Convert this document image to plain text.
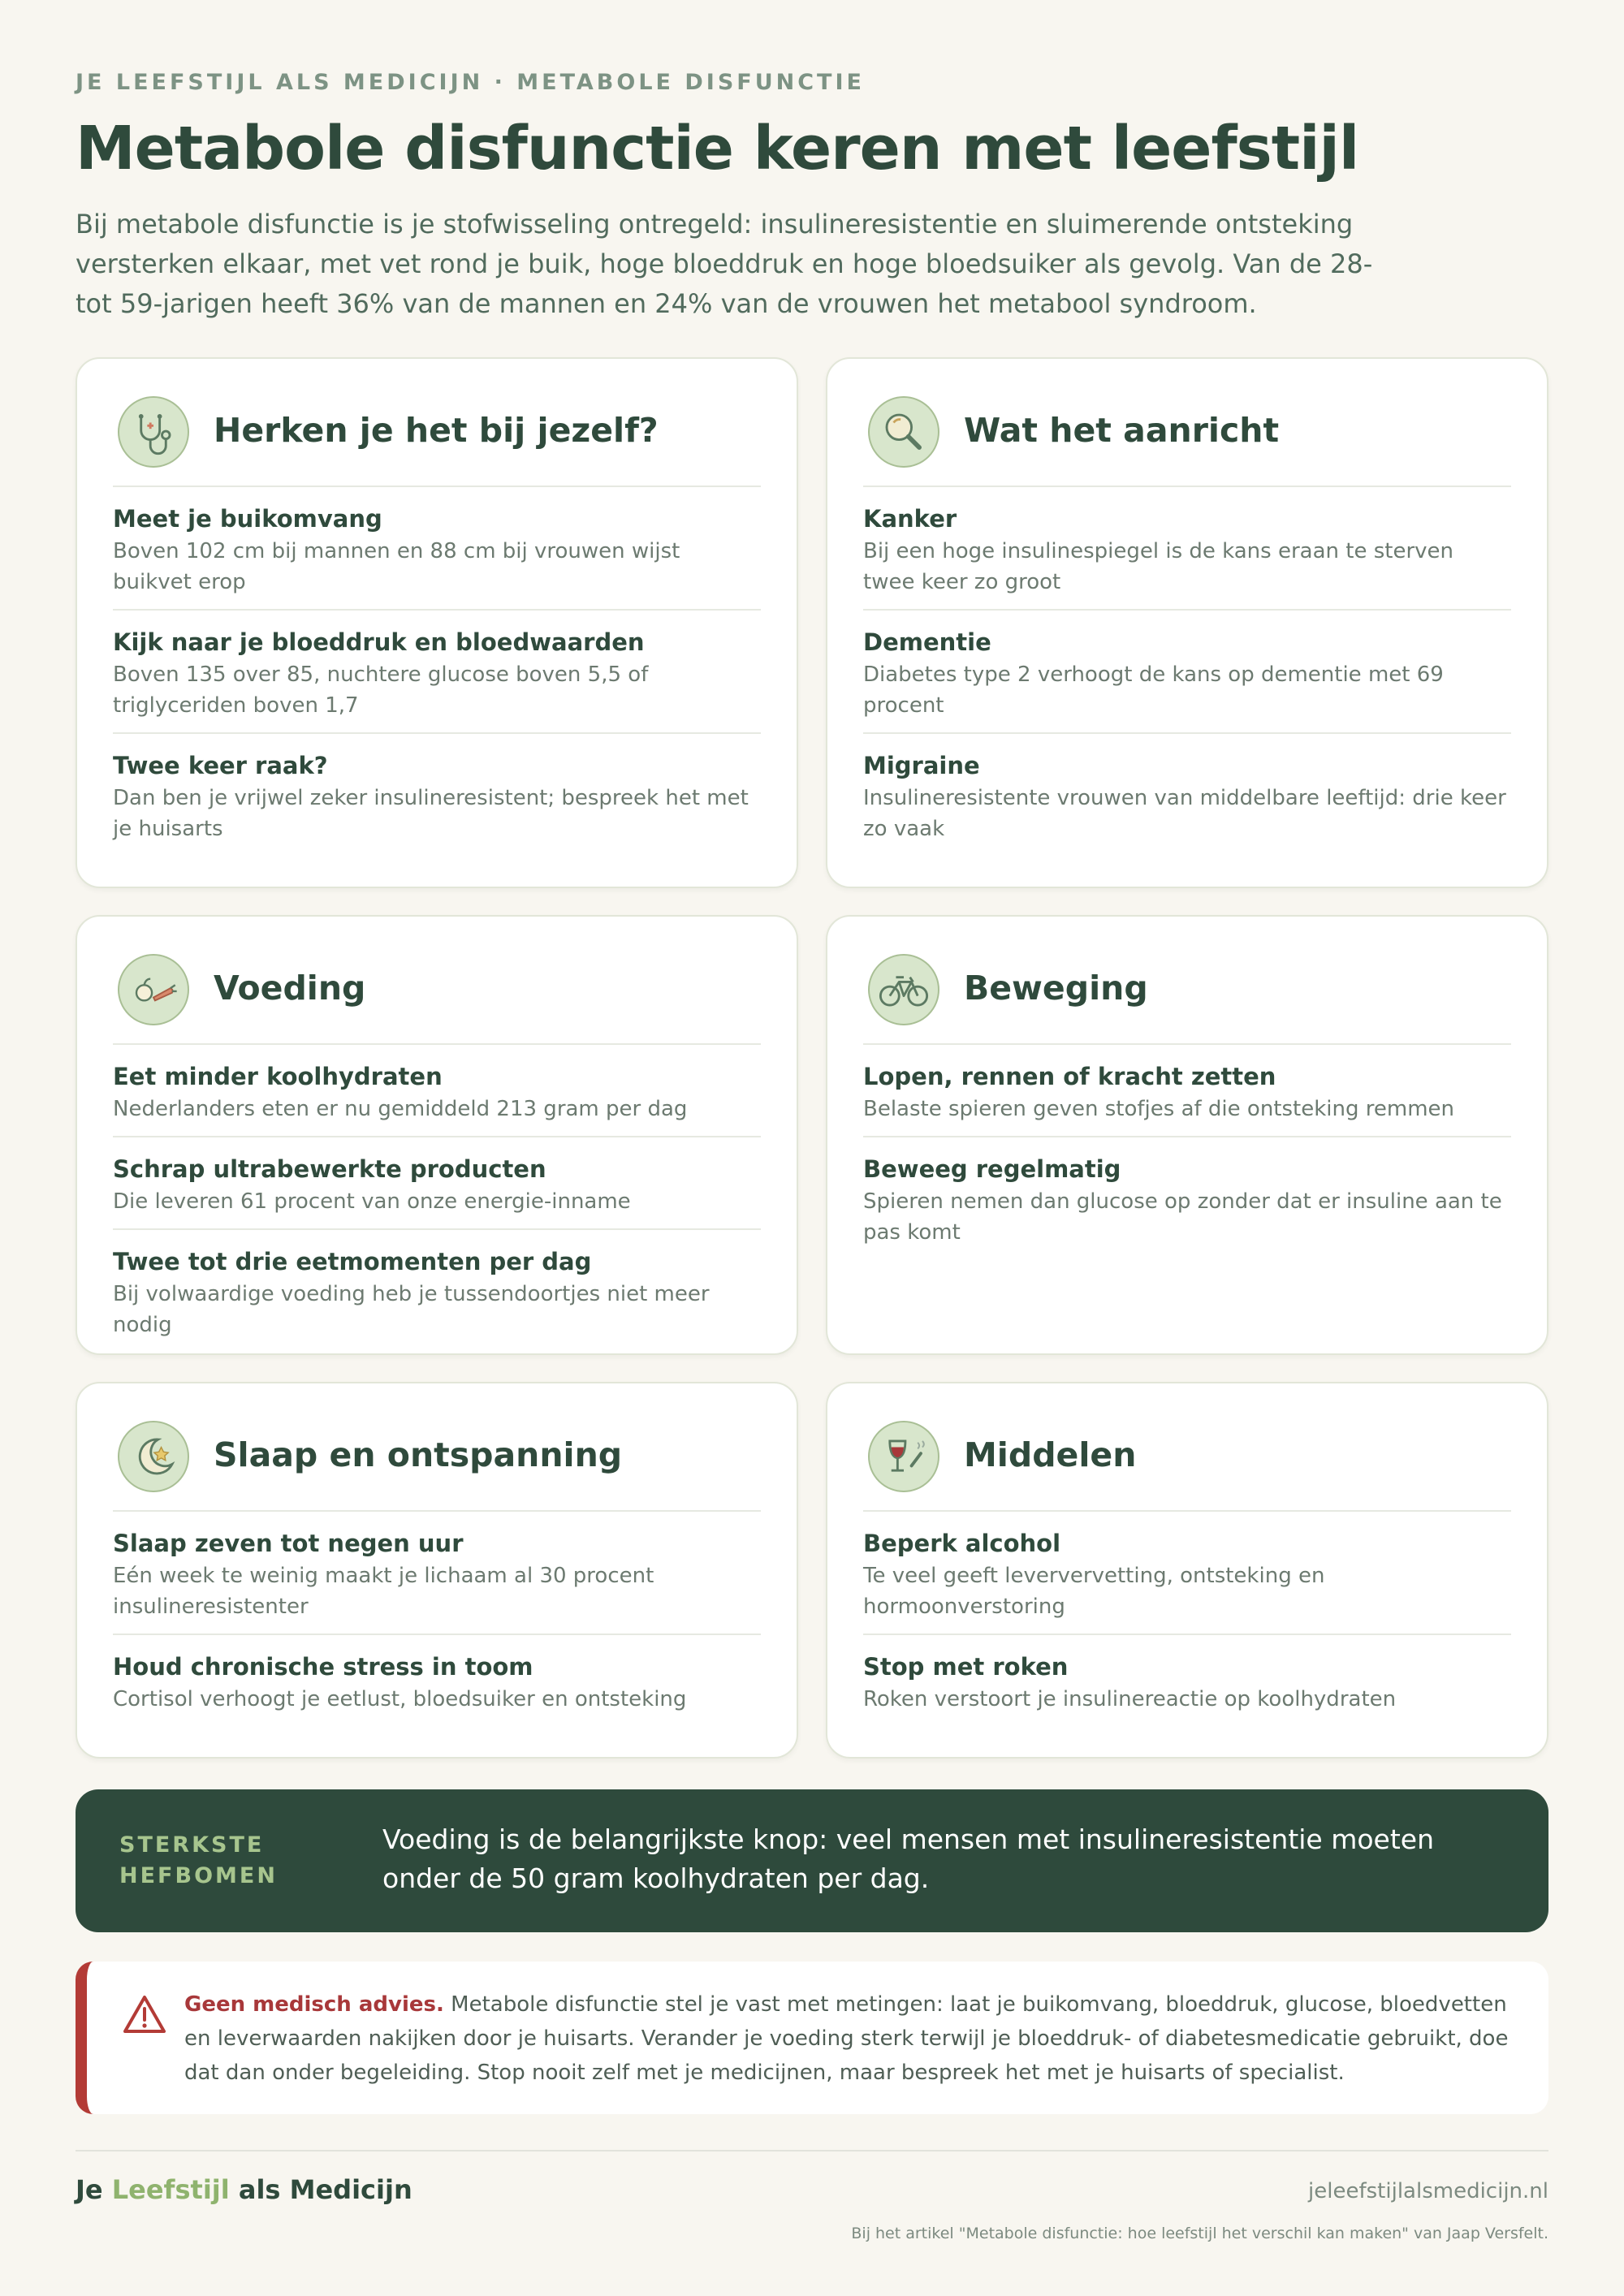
JE LEEFSTIJL ALS MEDICIJN · METABOLE DISFUNCTIE
Metabole disfunctie keren met leefstijl

Bij metabole disfunctie is je stofwisseling ontregeld: insulineresistentie en sluimerende ontsteking versterken elkaar, met vet rond je buik, hoge bloeddruk en hoge bloedsuiker als gevolg. Van de 28- tot 59-jarigen heeft 36% van de mannen en 24% van de vrouwen het metabool syndroom.

Herken je het bij jezelf?
Meet je buikomvang
Boven 102 cm bij mannen en 88 cm bij vrouwen wijst buikvet erop
Kijk naar je bloeddruk en bloedwaarden
Boven 135 over 85, nuchtere glucose boven 5,5 of triglyceriden boven 1,7
Twee keer raak?
Dan ben je vrijwel zeker insulineresistent; bespreek het met je huisarts
Wat het aanricht
Kanker
Bij een hoge insulinespiegel is de kans eraan te sterven twee keer zo groot
Dementie
Diabetes type 2 verhoogt de kans op dementie met 69 procent
Migraine
Insulineresistente vrouwen van middelbare leeftijd: drie keer zo vaak
Voeding
Eet minder koolhydraten
Nederlanders eten er nu gemiddeld 213 gram per dag
Schrap ultrabewerkte producten
Die leveren 61 procent van onze energie-inname
Twee tot drie eetmomenten per dag
Bij volwaardige voeding heb je tussendoortjes niet meer nodig
Beweging
Lopen, rennen of kracht zetten
Belaste spieren geven stofjes af die ontsteking remmen
Beweeg regelmatig
Spieren nemen dan glucose op zonder dat er insuline aan te pas komt
Slaap en ontspanning
Slaap zeven tot negen uur
Eén week te weinig maakt je lichaam al 30 procent insulineresistenter
Houd chronische stress in toom
Cortisol verhoogt je eetlust, bloedsuiker en ontsteking
Middelen
Beperk alcohol
Te veel geeft leververvetting, ontsteking en hormoonverstoring
Stop met roken
Roken verstoort je insulinereactie op koolhydraten
STERKSTE HEFBOMEN
Voeding is de belangrijkste knop: veel mensen met insulineresistentie moeten onder de 50 gram koolhydraten per dag.

Geen medisch advies. Metabole disfunctie stel je vast met metingen: laat je buikomvang, bloeddruk, glucose, bloedvetten en leverwaarden nakijken door je huisarts. Verander je voeding sterk terwijl je bloeddruk- of diabetesmedicatie gebruikt, doe dat dan onder begeleiding. Stop nooit zelf met je medicijnen, maar bespreek het met je huisarts of specialist.

Je Leefstijl als Medicijn	jeleefstijlalsmedicijn.nl
Bij het artikel "Metabole disfunctie: hoe leefstijl het verschil kan maken" van Jaap Versfelt.
